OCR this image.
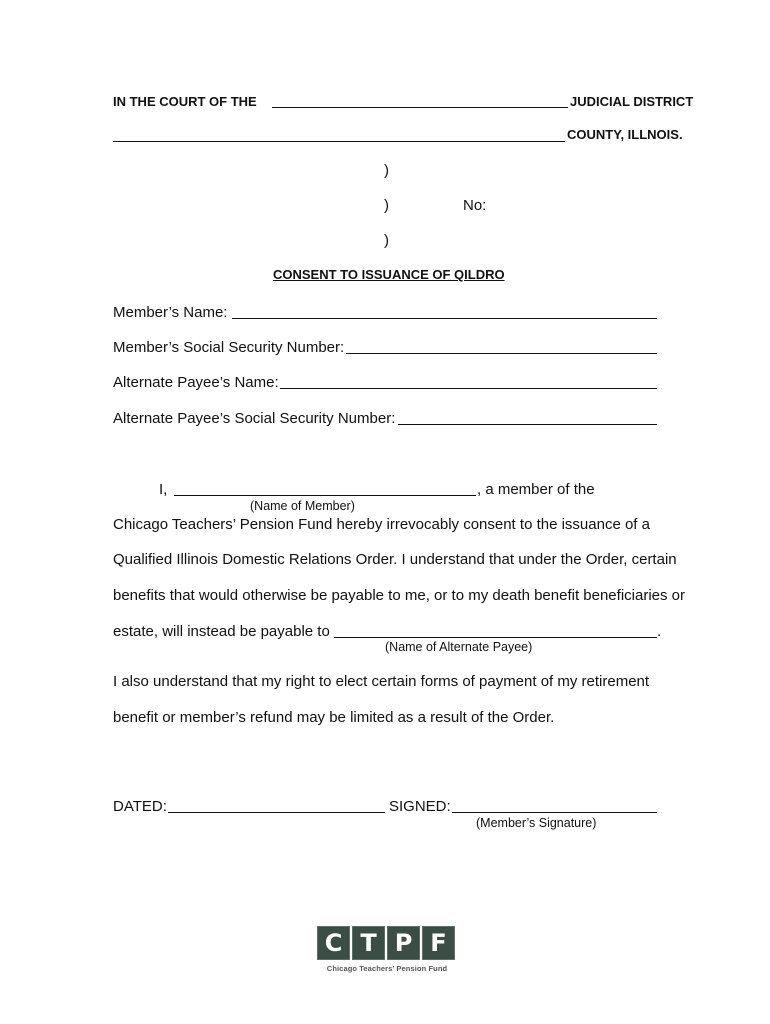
IN THE COURT OF THE	JUDICIAL DISTRICT
COUNTY, ILLNOIS.
)
)	No:
)
CONSENT TO ISSUANCE OF QILDRO
Member’s Name:
Member’s Social Security Number:
Alternate Payee’s Name:
Alternate Payee’s Social Security Number:
I,	, a member of the
(Name of Member)
Chicago Teachers’ Pension Fund hereby irrevocably consent to the issuance of a
Qualified Illinois Domestic Relations Order. I understand that under the Order, certain
benefits that would otherwise be payable to me, or to my death benefit beneficiaries or
estate, will instead be payable to	.
(Name of Alternate Payee)
I also understand that my right to elect certain forms of payment of my retirement
benefit or member’s refund may be limited as a result of the Order.
DATED:	SIGNED:
(Member’s Signature)
C T P F
Chicago Teachers’ Pension Fund
